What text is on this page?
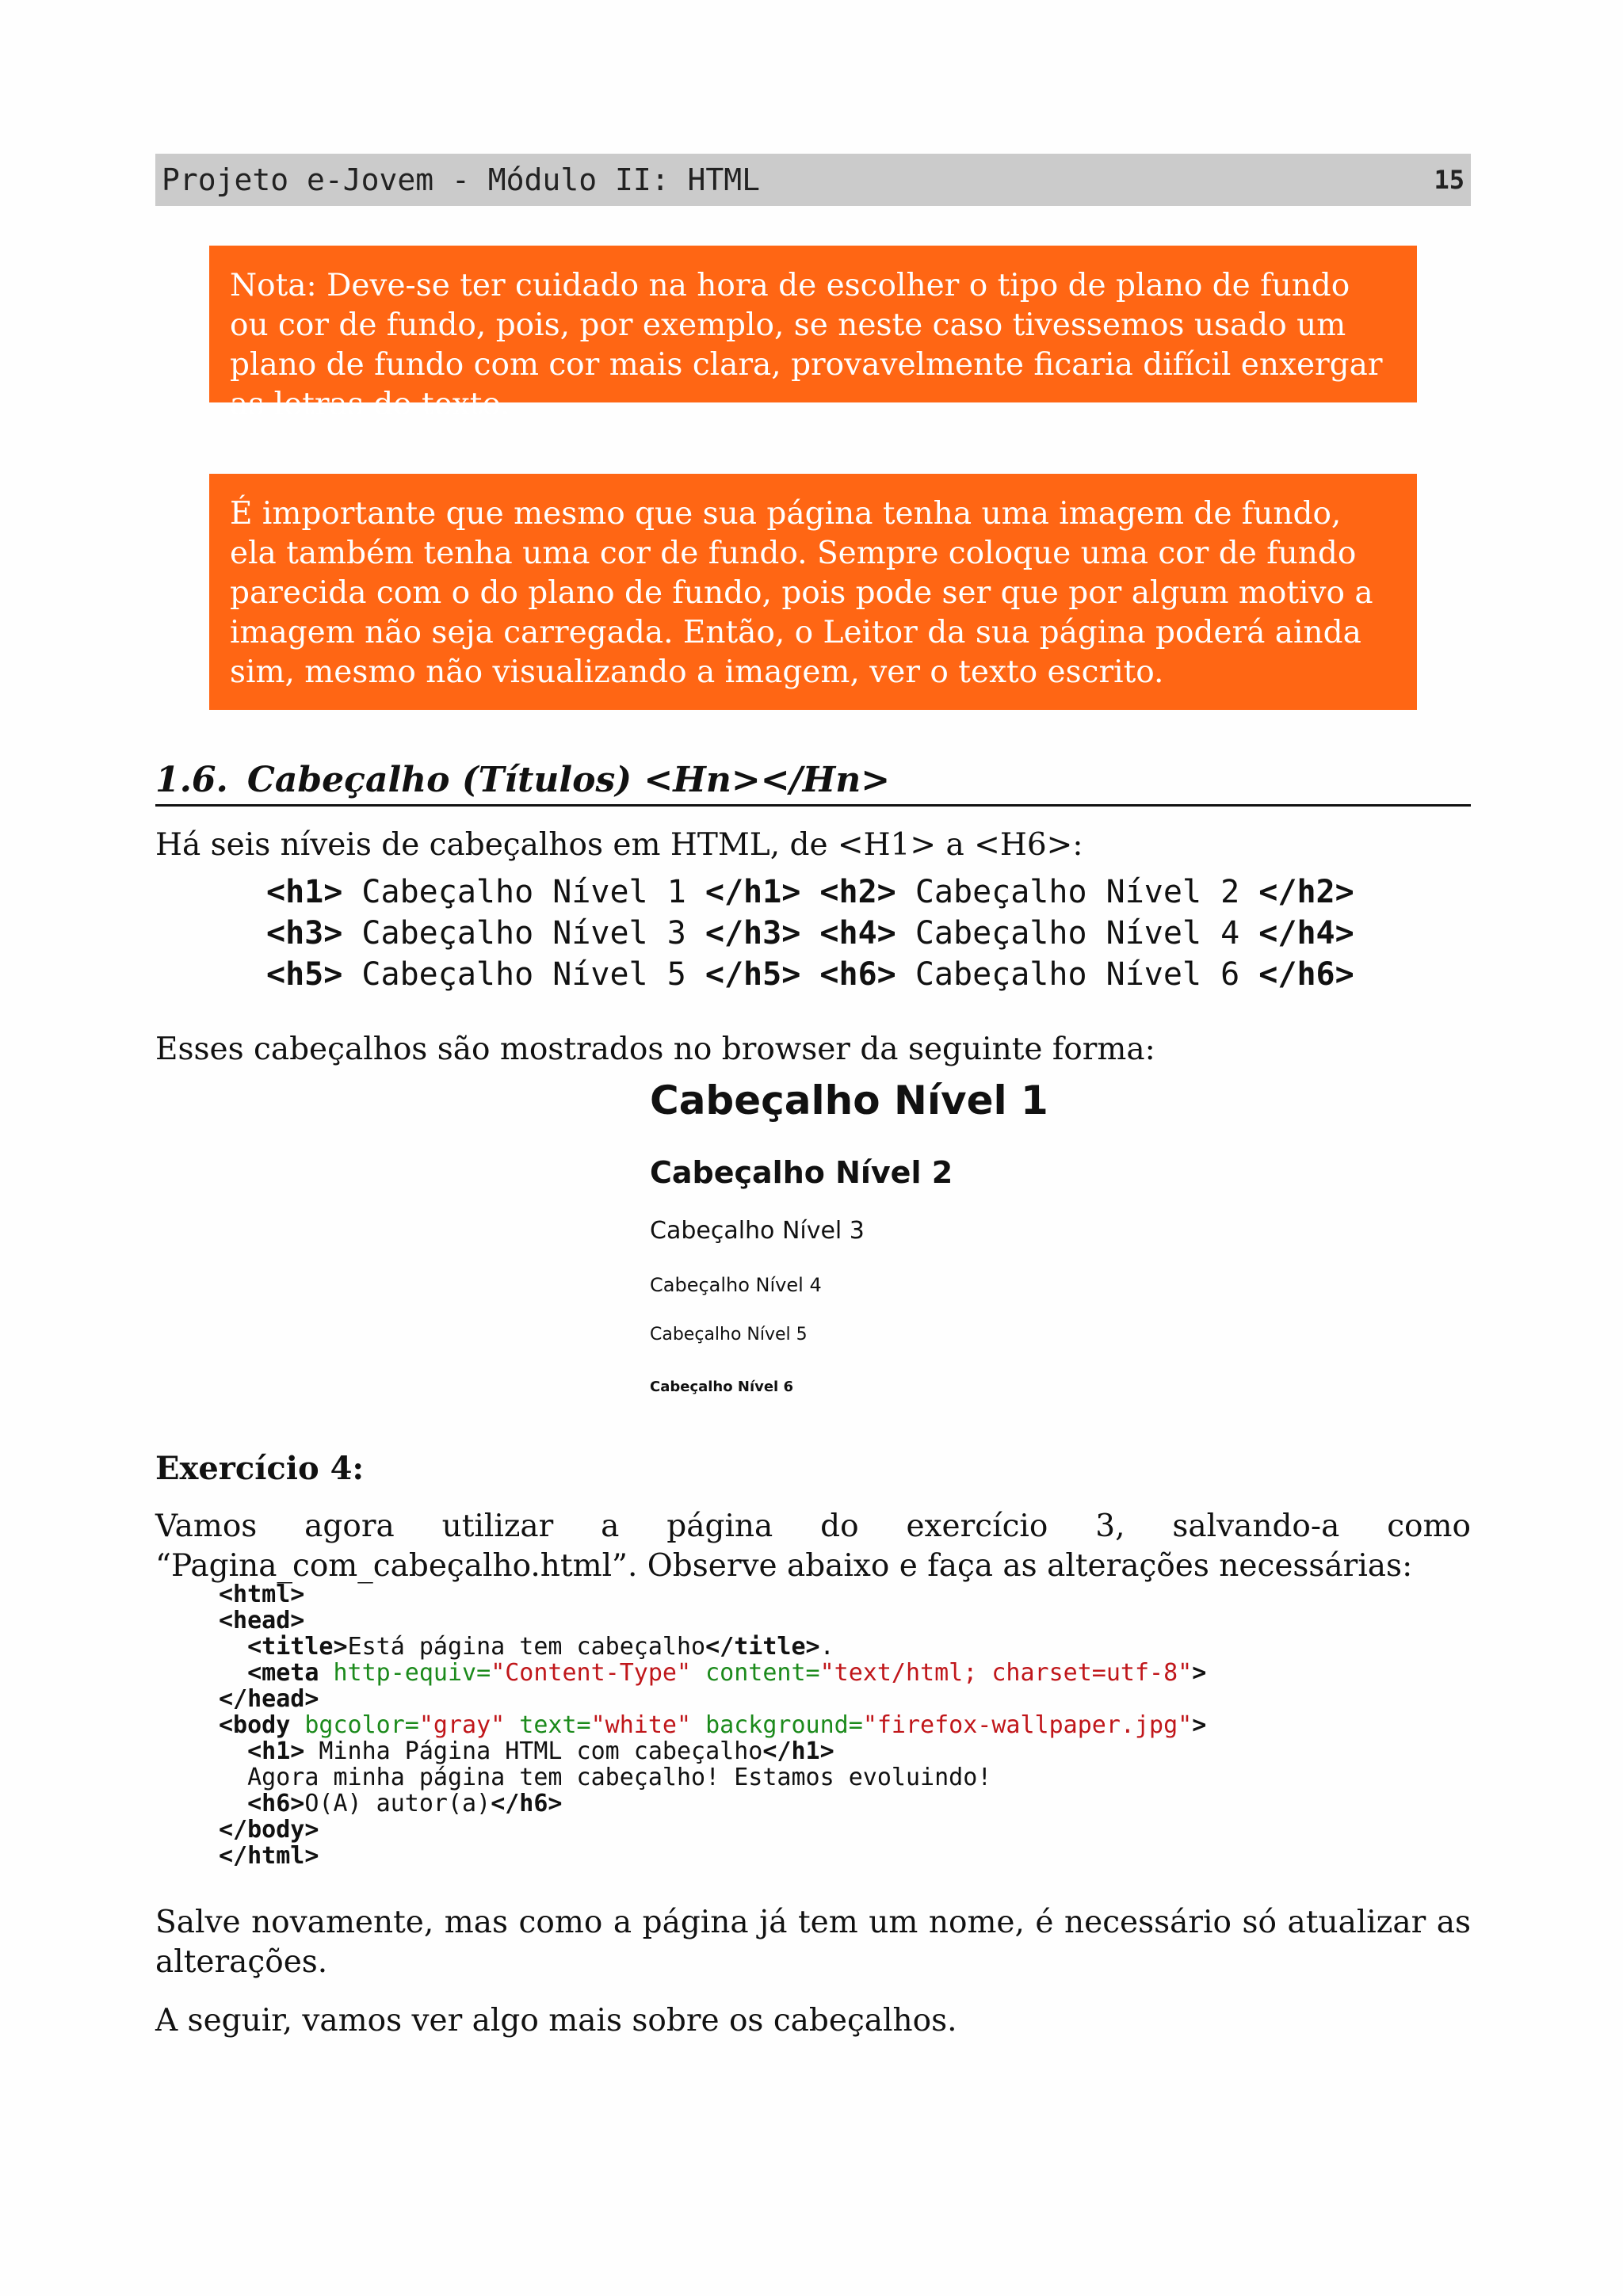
Projeto e-Jovem - Módulo II: HTML	15

Nota: Deve-se ter cuidado na hora de escolher o tipo de plano de fundo ou cor de fundo, pois, por exemplo, se neste caso tivessemos usado um plano de fundo com cor mais clara, provavelmente ficaria difícil enxergar as letras do texto.

É importante que mesmo que sua página tenha uma imagem de fundo, ela também tenha uma cor de fundo. Sempre coloque uma cor de fundo parecida com o do plano de fundo, pois pode ser que por algum motivo a imagem não seja carregada. Então, o Leitor da sua página poderá ainda sim, mesmo não visualizando a imagem, ver o texto escrito.

1.6. Cabeçalho (Títulos) <Hn></Hn>

Há seis níveis de cabeçalhos em HTML, de <H1> a <H6>:

<h1> Cabeçalho Nível 1 </h1> <h2> Cabeçalho Nível 2 </h2>
<h3> Cabeçalho Nível 3 </h3> <h4> Cabeçalho Nível 4 </h4>
<h5> Cabeçalho Nível 5 </h5> <h6> Cabeçalho Nível 6 </h6>

Esses cabeçalhos são mostrados no browser da seguinte forma:

Cabeçalho Nível 1
Cabeçalho Nível 2
Cabeçalho Nível 3
Cabeçalho Nível 4
Cabeçalho Nível 5
Cabeçalho Nível 6

Exercício 4:

Vamos agora utilizar a página do exercício 3, salvando-a como
“Pagina_com_cabeçalho.html”. Observe abaixo e faça as alterações necessárias:
<html>
<head>
<title>Está página tem cabeçalho</title>.
<meta http-equiv="Content-Type" content="text/html; charset=utf-8">
</head>
<body bgcolor="gray" text="white" background="firefox-wallpaper.jpg">
<h1> Minha Página HTML com cabeçalho</h1>
Agora minha página tem cabeçalho! Estamos evoluindo!
<h6>O(A) autor(a)</h6>
</body>
</html>

Salve novamente, mas como a página já tem um nome, é necessário só atualizar as alterações.

A seguir, vamos ver algo mais sobre os cabeçalhos.
